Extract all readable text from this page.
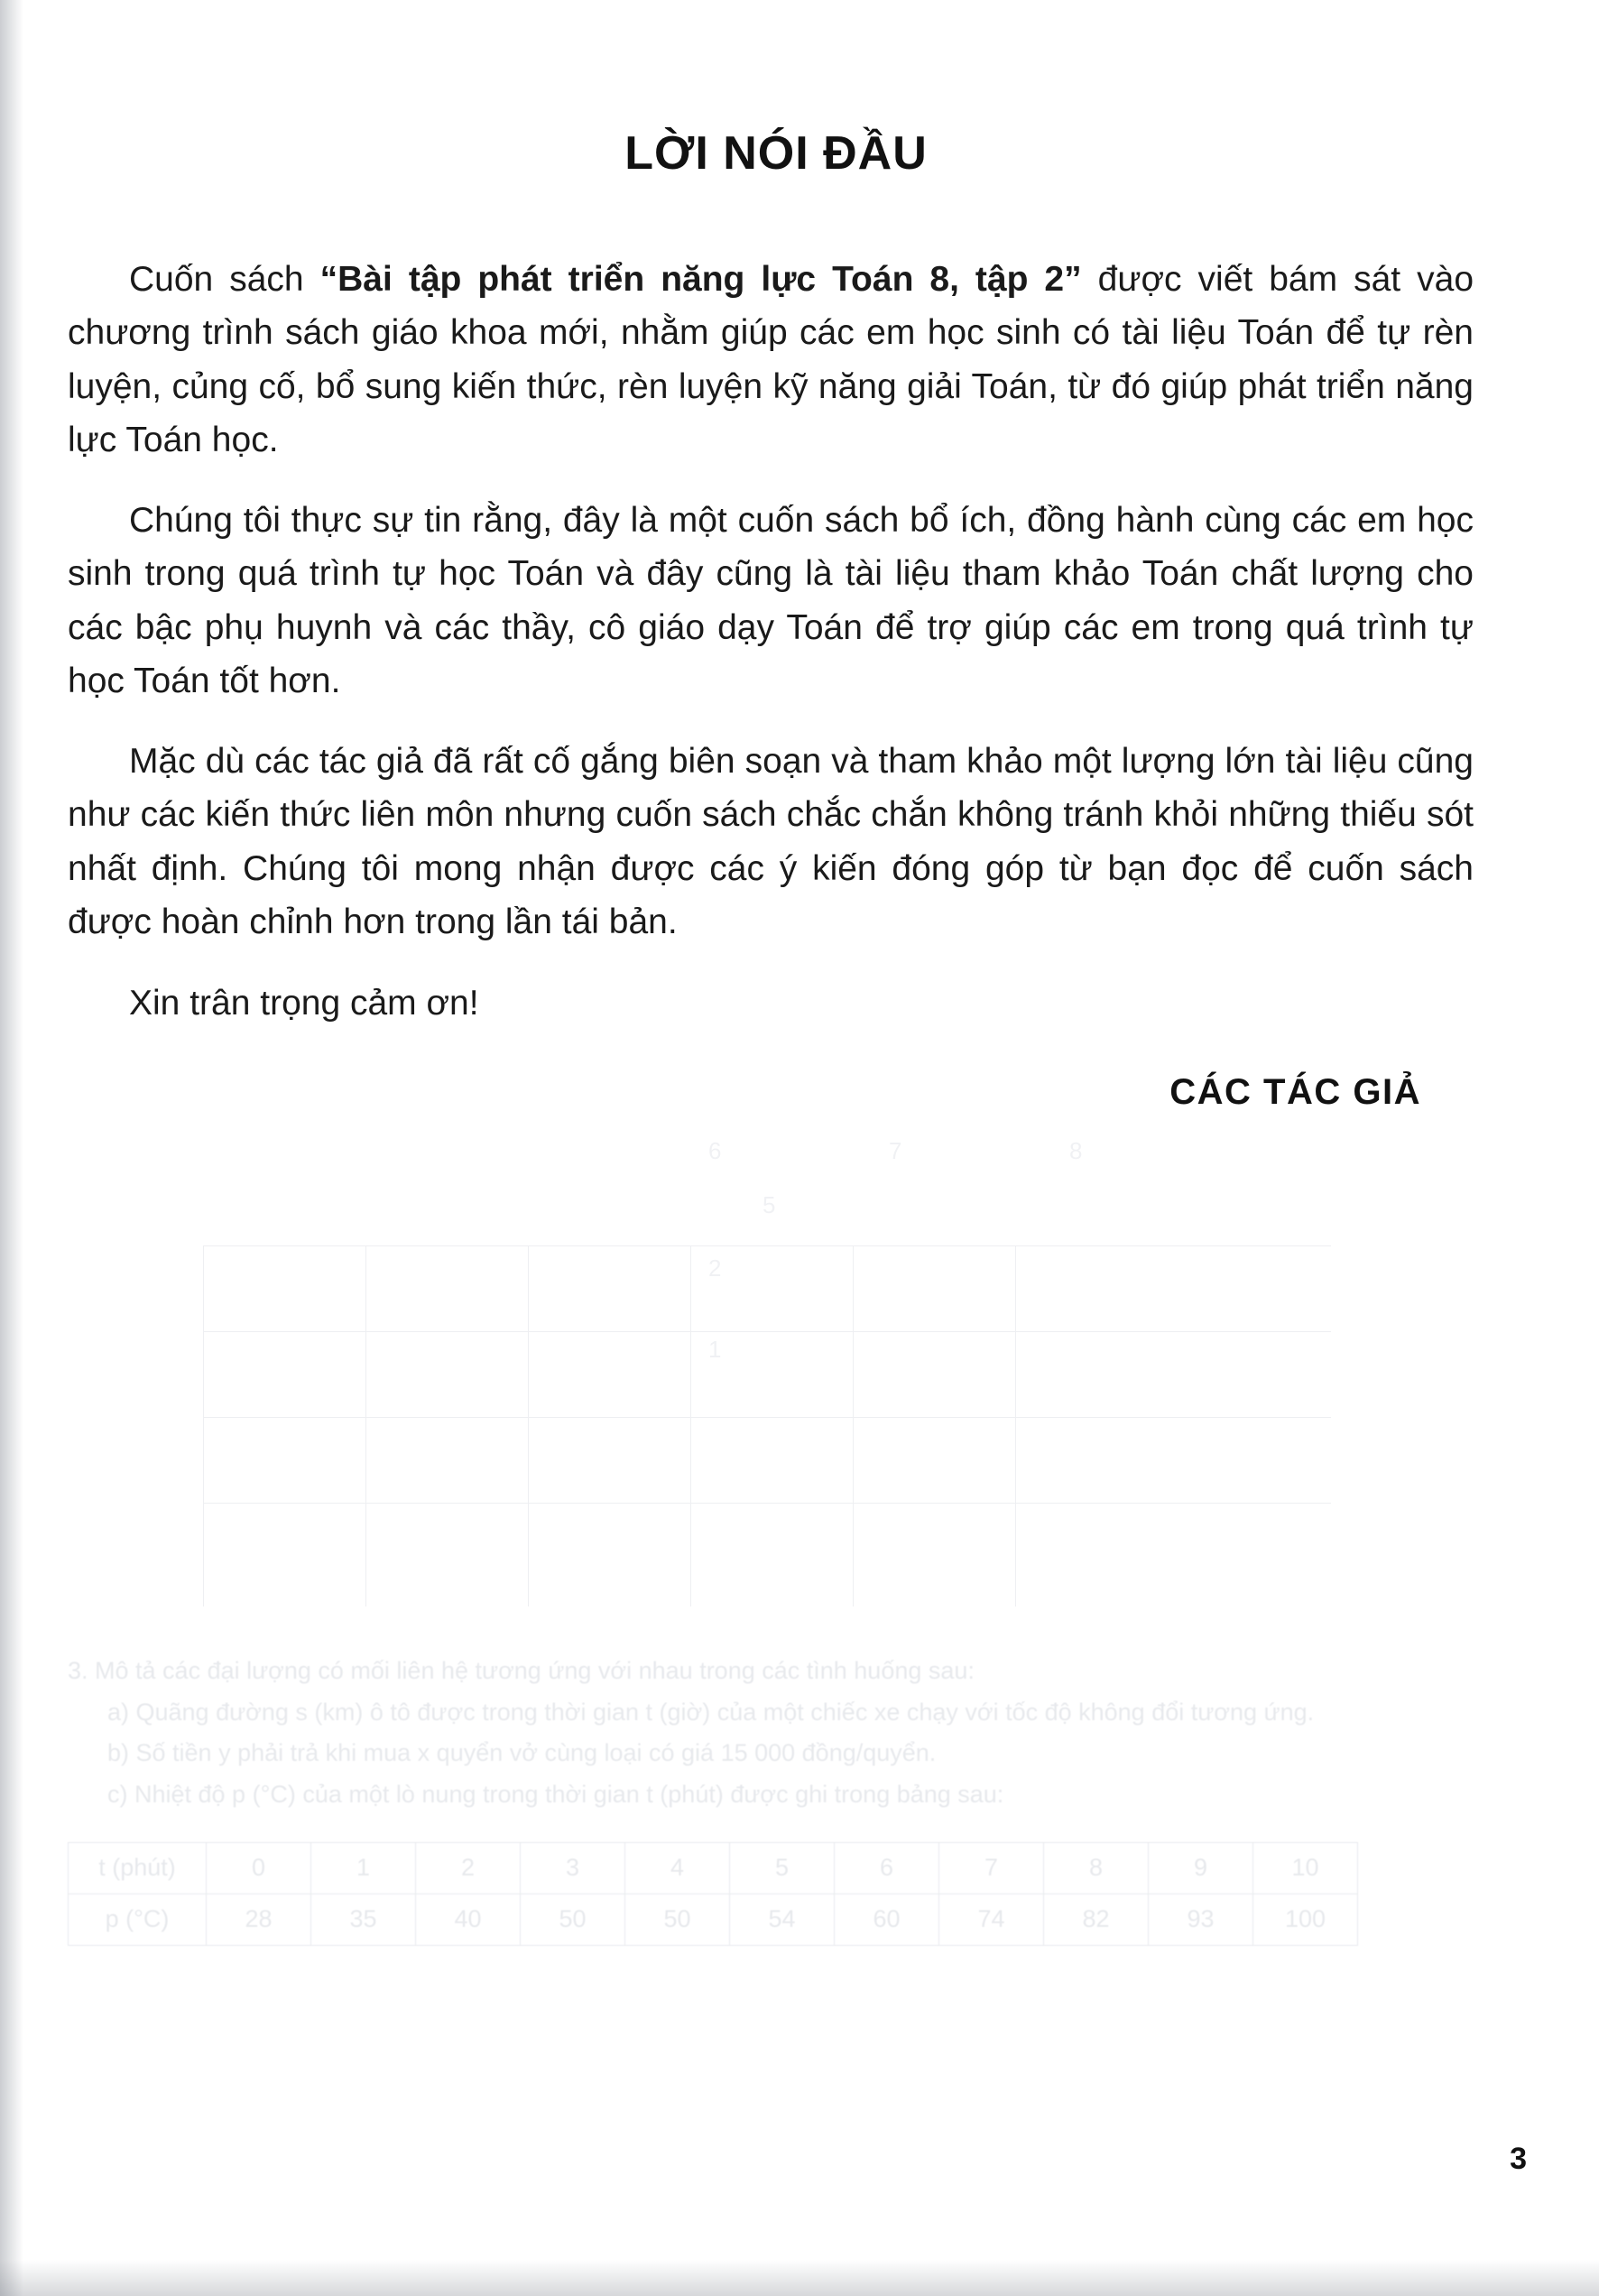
LỜI NÓI ĐẦU

Cuốn sách “Bài tập phát triển năng lực Toán 8, tập 2” được viết bám sát vào chương trình sách giáo khoa mới, nhằm giúp các em học sinh có tài liệu Toán để tự rèn luyện, củng cố, bổ sung kiến thức, rèn luyện kỹ năng giải Toán, từ đó giúp phát triển năng lực Toán học.

Chúng tôi thực sự tin rằng, đây là một cuốn sách bổ ích, đồng hành cùng các em học sinh trong quá trình tự học Toán và đây cũng là tài liệu tham khảo Toán chất lượng cho các bậc phụ huynh và các thầy, cô giáo dạy Toán để trợ giúp các em trong quá trình tự học Toán tốt hơn.

Mặc dù các tác giả đã rất cố gắng biên soạn và tham khảo một lượng lớn tài liệu cũng như các kiến thức liên môn nhưng cuốn sách chắc chắn không tránh khỏi những thiếu sót nhất định. Chúng tôi mong nhận được các ý kiến đóng góp từ bạn đọc để cuốn sách được hoàn chỉnh hơn trong lần tái bản.

Xin trân trọng cảm ơn!

CÁC TÁC GIẢ
6	7	8
5
2
1

3. Mô tả các đại lượng có mối liên hệ tương ứng với nhau trong các tình huống sau:

a) Quãng đường s (km) ô tô được trong thời gian t (giờ) của một chiếc xe chạy với tốc độ không đổi tương ứng.

b) Số tiền y phải trả khi mua x quyển vở cùng loại có giá 15 000 đồng/quyển.

c) Nhiệt độ p (°C) của một lò nung trong thời gian t (phút) được ghi trong bảng sau:

t (phút)	0	1	2	3	4	5	6	7	8	9	10
p (°C)	28	35	40	50	50	54	60	74	82	93	100
3
